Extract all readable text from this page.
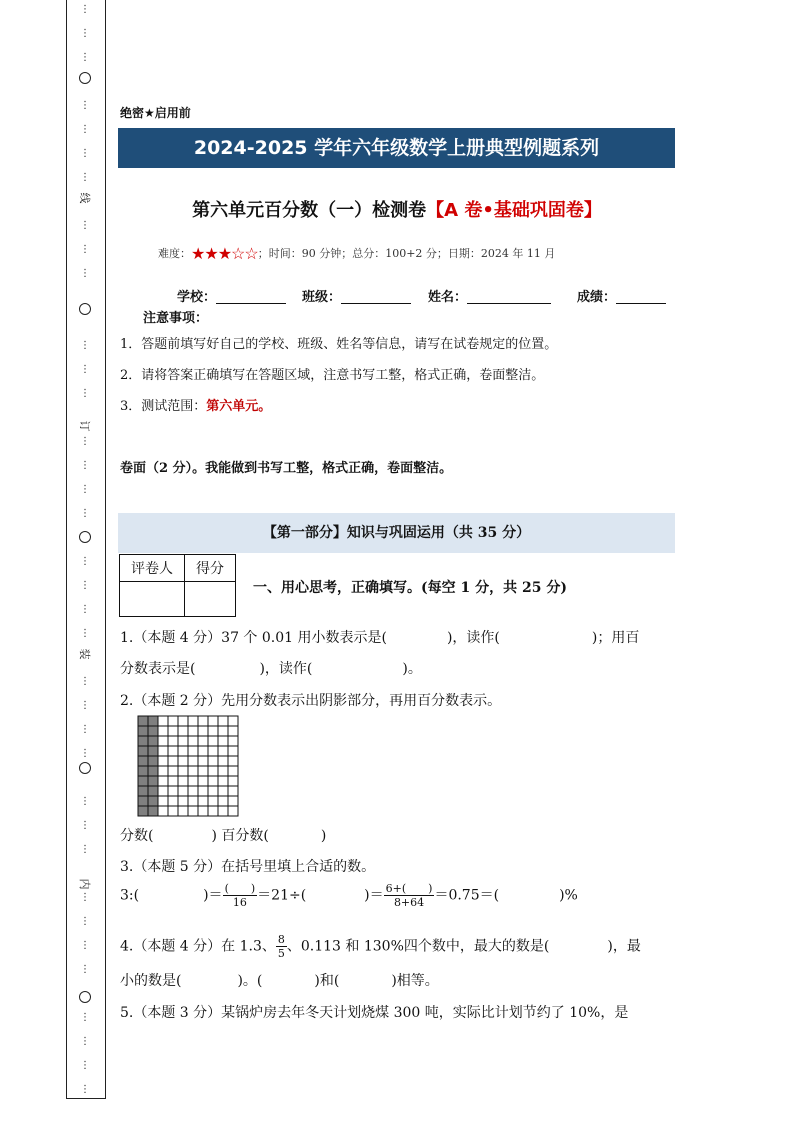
⋮
⋮
⋮
⋮
⋮
⋮
⋮
⋮
⋮
⋮
⋮
⋮
⋮
⋮
⋮
⋮
⋮
⋮
⋮
⋮
⋮
⋮
⋮
⋮
⋮
⋮
⋮
⋮
⋮
⋮
⋮
⋮
⋮
⋮
⋮
⋮
线
订
装
内
绝密★启用前
2024-2025 学年六年级数学上册典型例题系列
第六单元百分数（一）检测卷【A 卷•基础巩固卷】
难度：★★★☆☆；时间：90 分钟；总分：100+2 分；日期：2024 年 11 月
学校：	班级：	姓名：	成绩：
注意事项：
1．答题前填写好自己的学校、班级、姓名等信息，请写在试卷规定的位置。
2．请将答案正确填写在答题区域，注意书写工整，格式正确，卷面整洁。
3．测试范围：第六单元。
卷面（2 分）。我能做到书写工整，格式正确，卷面整洁。
【第一部分】知识与巩固运用（共 35 分）
评卷人	得分

一、用心思考，正确填写。(每空 1 分，共 25 分)
1.（本题 4 分）37 个 0.01 用小数表示是(	)，读作(	)；用百
分数表示是(	)，读作(	)。
2.（本题 2 分）先用分数表示出阴影部分，再用百分数表示。
分数(	) 百分数(	)
3.（本题 5 分）在括号里填上合适的数。
3:(	)＝ $\frac{( )}{16} =21\div$(	)＝ $\frac{6+( )}{8+64} =0.75=$(	)%
4.（本题 4 分）在 1.3、 $\frac{8}{5}$ 、0.113 和 130%四个数中，最大的数是(	)，最
小的数是(	)。(	)和(	)相等。
5.（本题 3 分）某锅炉房去年冬天计划烧煤 300 吨，实际比计划节约了 10%，是
